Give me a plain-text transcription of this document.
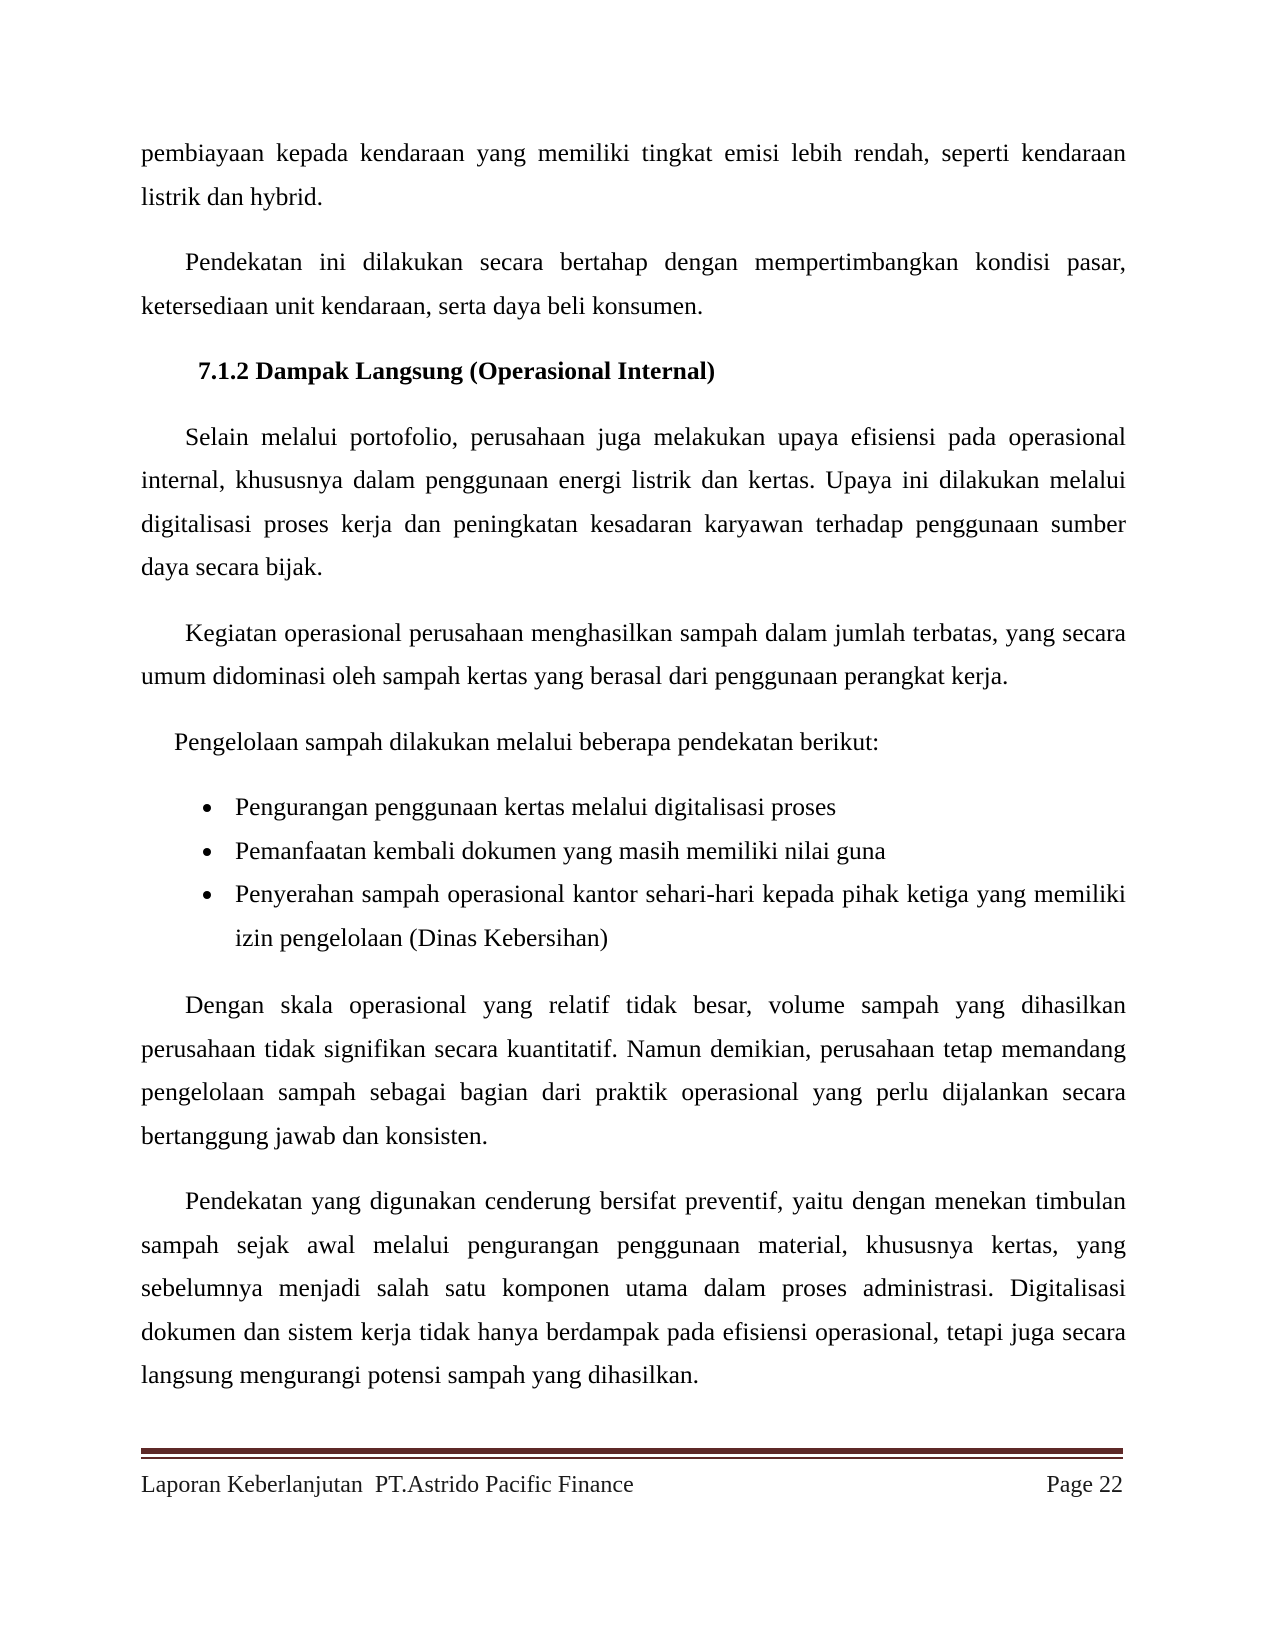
pembiayaan kepada kendaraan yang memiliki tingkat emisi lebih rendah, seperti kendaraan listrik dan hybrid.

Pendekatan ini dilakukan secara bertahap dengan mempertimbangkan kondisi pasar, ketersediaan unit kendaraan, serta daya beli konsumen.

7.1.2 Dampak Langsung (Operasional Internal)

Selain melalui portofolio, perusahaan juga melakukan upaya efisiensi pada operasional internal, khususnya dalam penggunaan energi listrik dan kertas. Upaya ini dilakukan melalui digitalisasi proses kerja dan peningkatan kesadaran karyawan terhadap penggunaan sumber daya secara bijak.

Kegiatan operasional perusahaan menghasilkan sampah dalam jumlah terbatas, yang secara umum didominasi oleh sampah kertas yang berasal dari penggunaan perangkat kerja.

Pengelolaan sampah dilakukan melalui beberapa pendekatan berikut:

• Pengurangan penggunaan kertas melalui digitalisasi proses
• Pemanfaatan kembali dokumen yang masih memiliki nilai guna
• Penyerahan sampah operasional kantor sehari-hari kepada pihak ketiga yang memiliki izin pengelolaan (Dinas Kebersihan)

Dengan skala operasional yang relatif tidak besar, volume sampah yang dihasilkan perusahaan tidak signifikan secara kuantitatif. Namun demikian, perusahaan tetap memandang pengelolaan sampah sebagai bagian dari praktik operasional yang perlu dijalankan secara bertanggung jawab dan konsisten.

Pendekatan yang digunakan cenderung bersifat preventif, yaitu dengan menekan timbulan sampah sejak awal melalui pengurangan penggunaan material, khususnya kertas, yang sebelumnya menjadi salah satu komponen utama dalam proses administrasi. Digitalisasi dokumen dan sistem kerja tidak hanya berdampak pada efisiensi operasional, tetapi juga secara langsung mengurangi potensi sampah yang dihasilkan.

Laporan Keberlanjutan  PT.Astrido Pacific Finance	Page 22
